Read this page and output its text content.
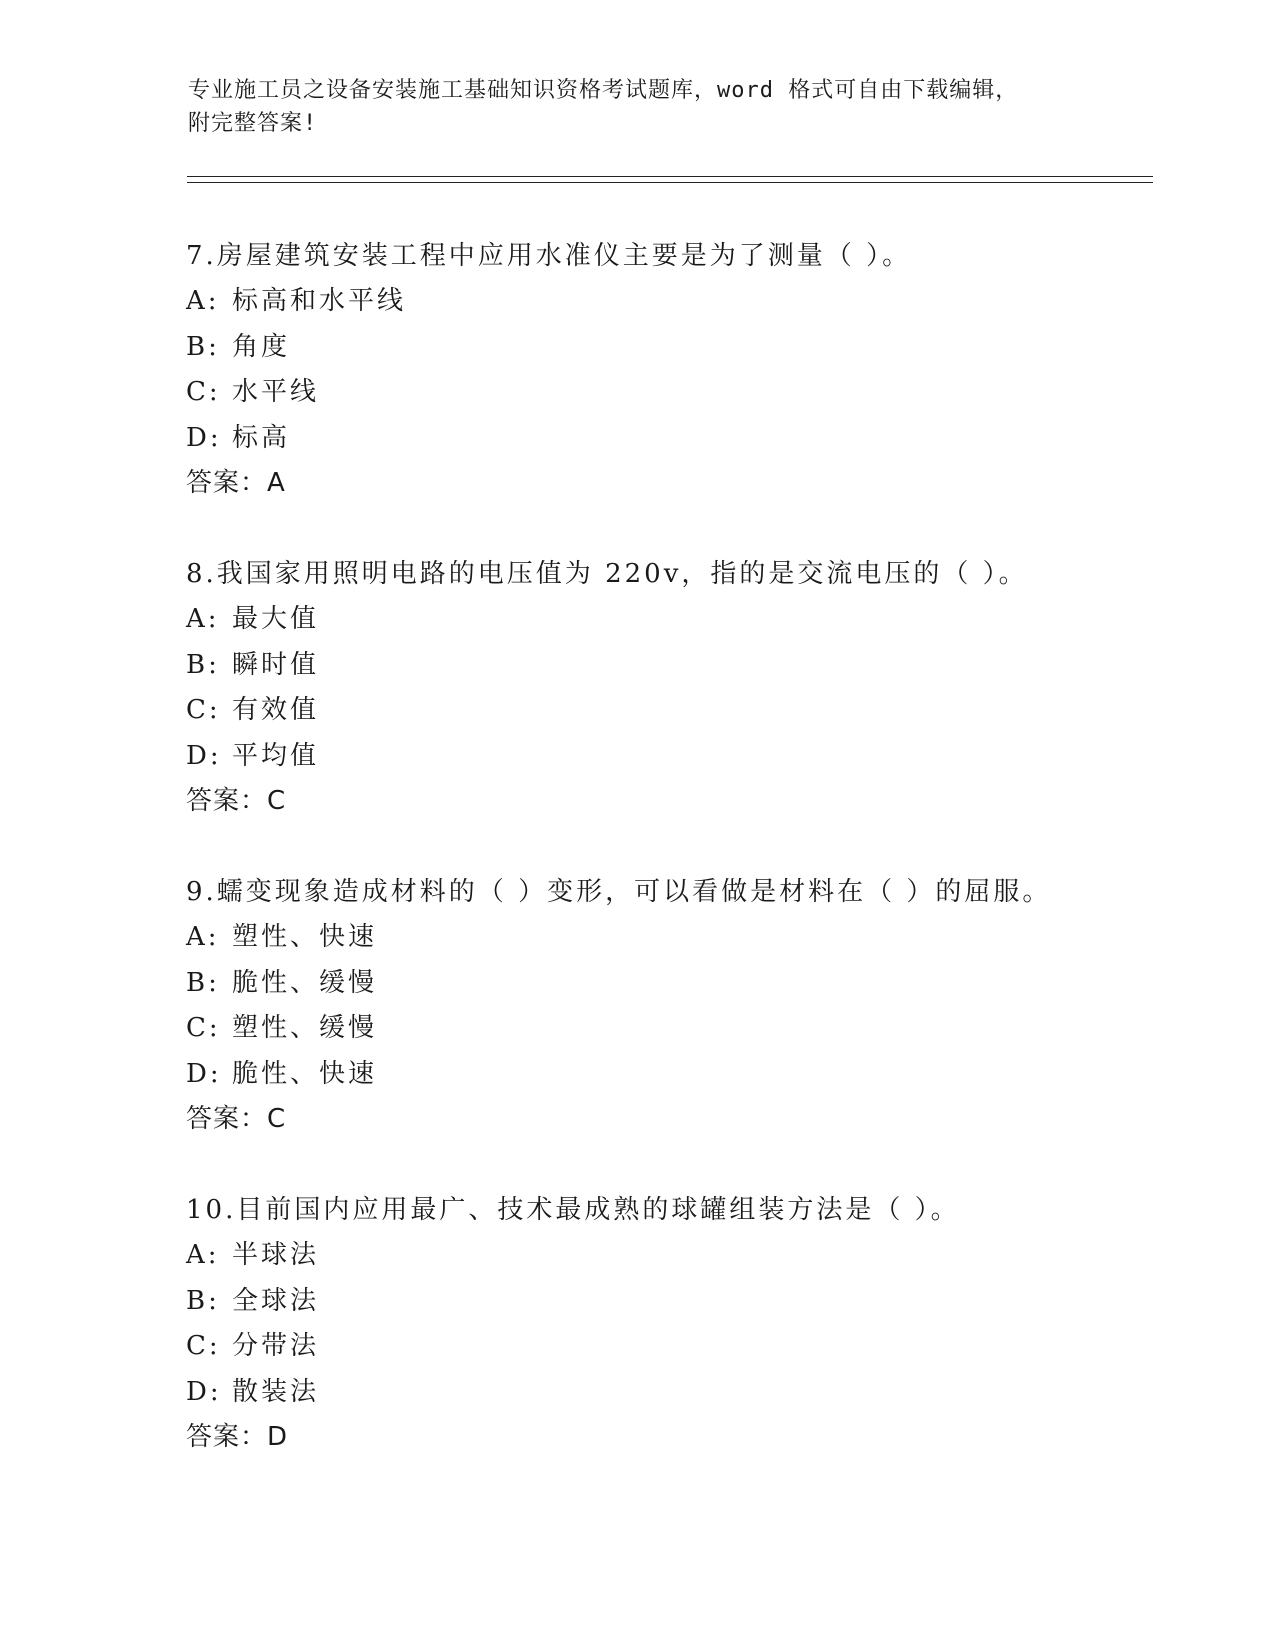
专业施工员之设备安装施工基础知识资格考试题库，word 格式可自由下载编辑，
附完整答案!
7.房屋建筑安装工程中应用水准仪主要是为了测量（ ）。
A: 标高和水平线
B: 角度
C: 水平线
D: 标高
答案：A
8.我国家用照明电路的电压值为 220v，指的是交流电压的（ ）。
A: 最大值
B: 瞬时值
C: 有效值
D: 平均值
答案：C
9.蠕变现象造成材料的（ ）变形，可以看做是材料在（ ）的屈服。
A: 塑性、快速
B: 脆性、缓慢
C: 塑性、缓慢
D: 脆性、快速
答案：C
10.目前国内应用最广、技术最成熟的球罐组装方法是（ ）。
A: 半球法
B: 全球法
C: 分带法
D: 散装法
答案：D
